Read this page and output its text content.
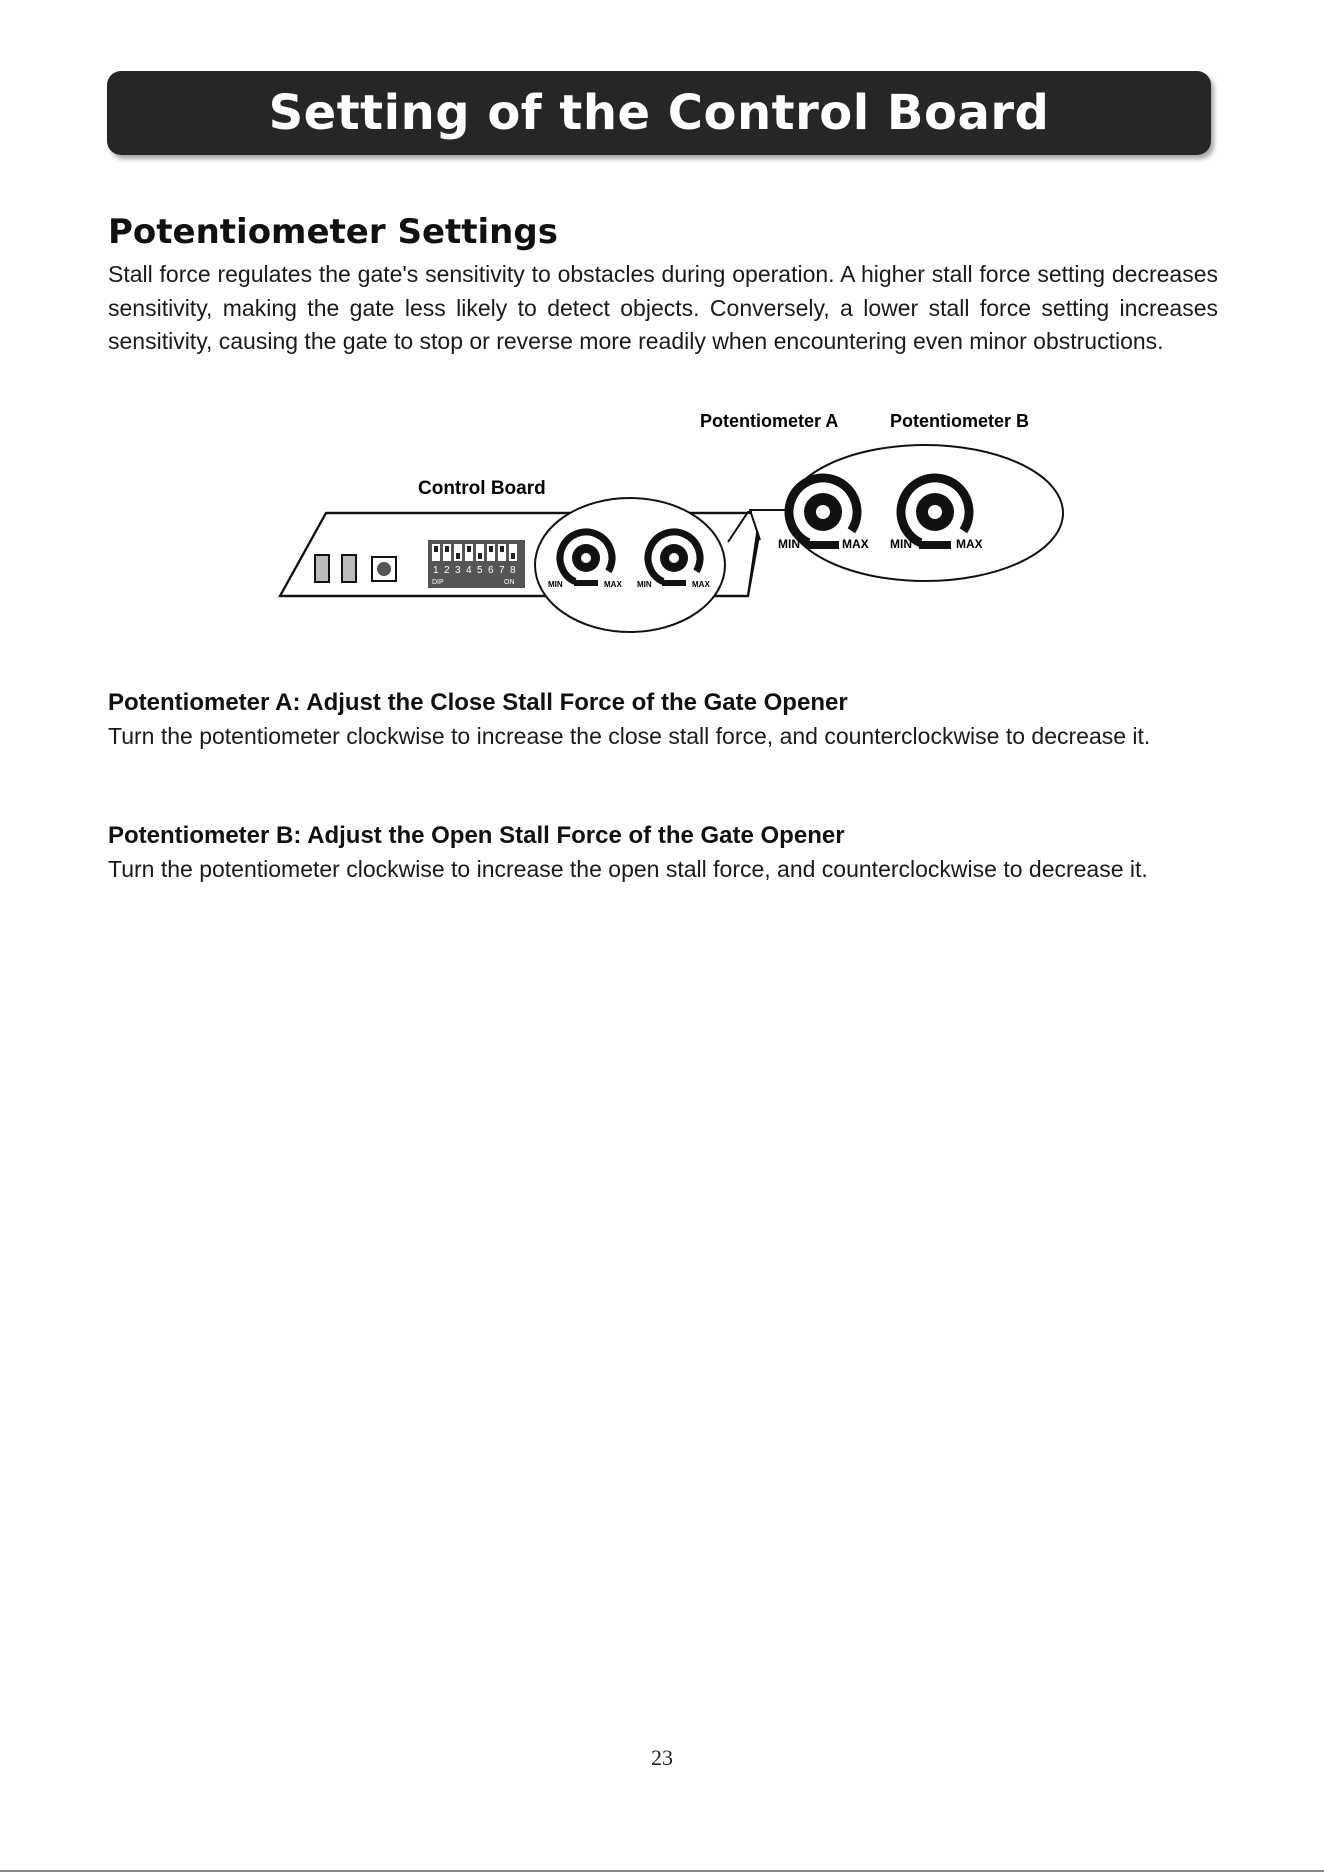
Setting of the Control Board
Potentiometer Settings

Stall force regulates the gate's sensitivity to obstacles during operation. A higher stall force setting decreases sensitivity, making the gate less likely to detect objects. Conversely, a lower stall force setting increases sensitivity, causing the gate to stop or reverse more readily when encountering even minor obstructions.

1 2 3 4 5 6 7 8
DIP	ON	MIN	MAX MIN	MAX
MIN	MAX MIN	MAX
Control Board
Potentiometer A	Potentiometer B
Potentiometer A: Adjust the Close Stall Force of the Gate Opener

Turn the potentiometer clockwise to increase the close stall force, and counterclockwise to decrease it.

Potentiometer B: Adjust the Open Stall Force of the Gate Opener

Turn the potentiometer clockwise to increase the open stall force, and counterclockwise to decrease it.

23
